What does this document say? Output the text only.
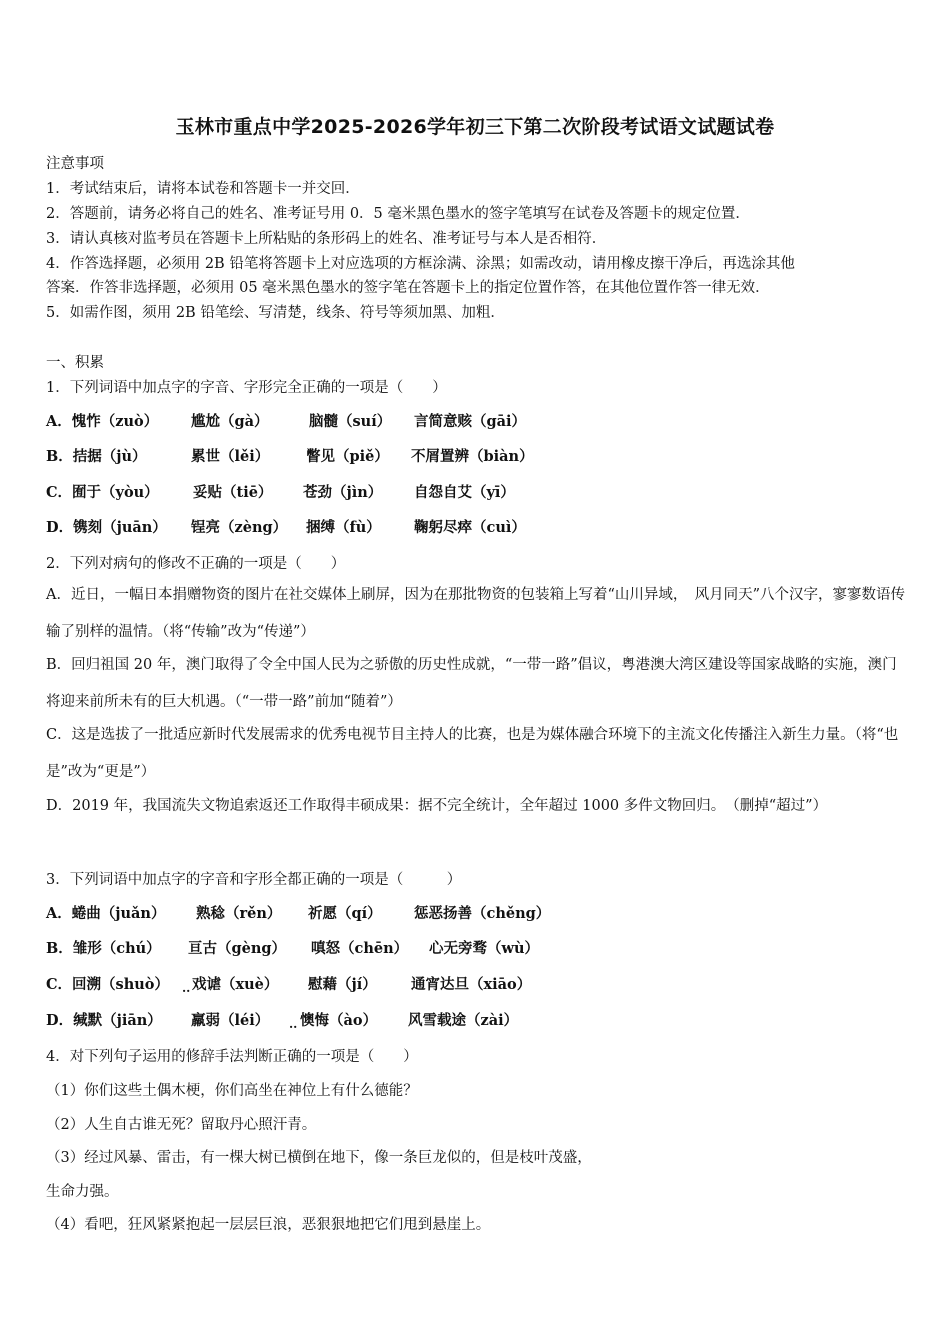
玉林市重点中学2025-2026学年初三下第二次阶段考试语文试题试卷
注意事项
1．考试结束后，请将本试卷和答题卡一并交回．
2．答题前，请务必将自己的姓名、准考证号用 0．5 毫米黑色墨水的签字笔填写在试卷及答题卡的规定位置．
3．请认真核对监考员在答题卡上所粘贴的条形码上的姓名、准考证号与本人是否相符．
4．作答选择题，必须用 2B 铅笔将答题卡上对应选项的方框涂满、涂黑；如需改动，请用橡皮擦干净后，再选涂其他
答案．作答非选择题，必须用 05 毫米黑色墨水的签字笔在答题卡上的指定位置作答，在其他位置作答一律无效．
5．如需作图，须用 2B 铅笔绘、写清楚，线条、符号等须加黑、加粗．
一、积累
1．下列词语中加点字的字音、字形完全正确的一项是（　　）
A．愧怍（zuò） 尴尬（gà）	脑髓（suí） 言简意赅（gāi）
B．拮据（jù）	累世（lěi）	瞥见（piě） 不屑置辨（biàn）
C．囿于（yòu） 妥贴（tiē） 苍劲（jìn） 自怨自艾（yī）
D．镌刻（juān） 锃亮（zèng） 捆缚（fù） 鞠躬尽瘁（cuì）
2．下列对病句的修改不正确的一项是（　　）
A．近日，一幅日本捐赠物资的图片在社交媒体上刷屏，因为在那批物资的包装箱上写着“山川异域，　风月同天”八个汉字，寥寥数语传输了别样的温情。（将“传输”改为“传递”）
B．回归祖国 20 年，澳门取得了令全中国人民为之骄傲的历史性成就，“一带一路”倡议，粤港澳大湾区建设等国家战略的实施，澳门将迎来前所未有的巨大机遇。（“一带一路”前加“随着”）
C．这是选拔了一批适应新时代发展需求的优秀电视节目主持人的比赛，也是为媒体融合环境下的主流文化传播注入新生力量。（将“也是”改为“更是”）
D．2019 年，我国流失文物追索返还工作取得丰硕成果：据不完全统计，全年超过 1000 多件文物回归。　（删掉“超过”）
3．下列词语中加点字的字音和字形全都正确的一项是（　　　）
A．蜷曲（juǎn） 熟稔（rěn） 祈愿（qí） 惩恶扬善（chěng）
B．雏形（chú） 亘古（gèng） 嗔怒（chēn） 心无旁骛（wù）
C．回溯（shuò） 戏谑（xuè） 慰藉（jí） 通宵达旦（xiāo）
..
D．缄默（jiān） 羸弱（léi） 懊悔（ào） 风雪载途（zài）
..
4．对下列句子运用的修辞手法判断正确的一项是（　　）
（1）你们这些土偶木梗，你们高坐在神位上有什么德能？
（2）人生自古谁无死？留取丹心照汗青。
（3）经过风暴、雷击，有一棵大树已横倒在地下，像一条巨龙似的，但是枝叶茂盛，
生命力强。
（4）看吧，狂风紧紧抱起一层层巨浪，恶狠狠地把它们甩到悬崖上。
